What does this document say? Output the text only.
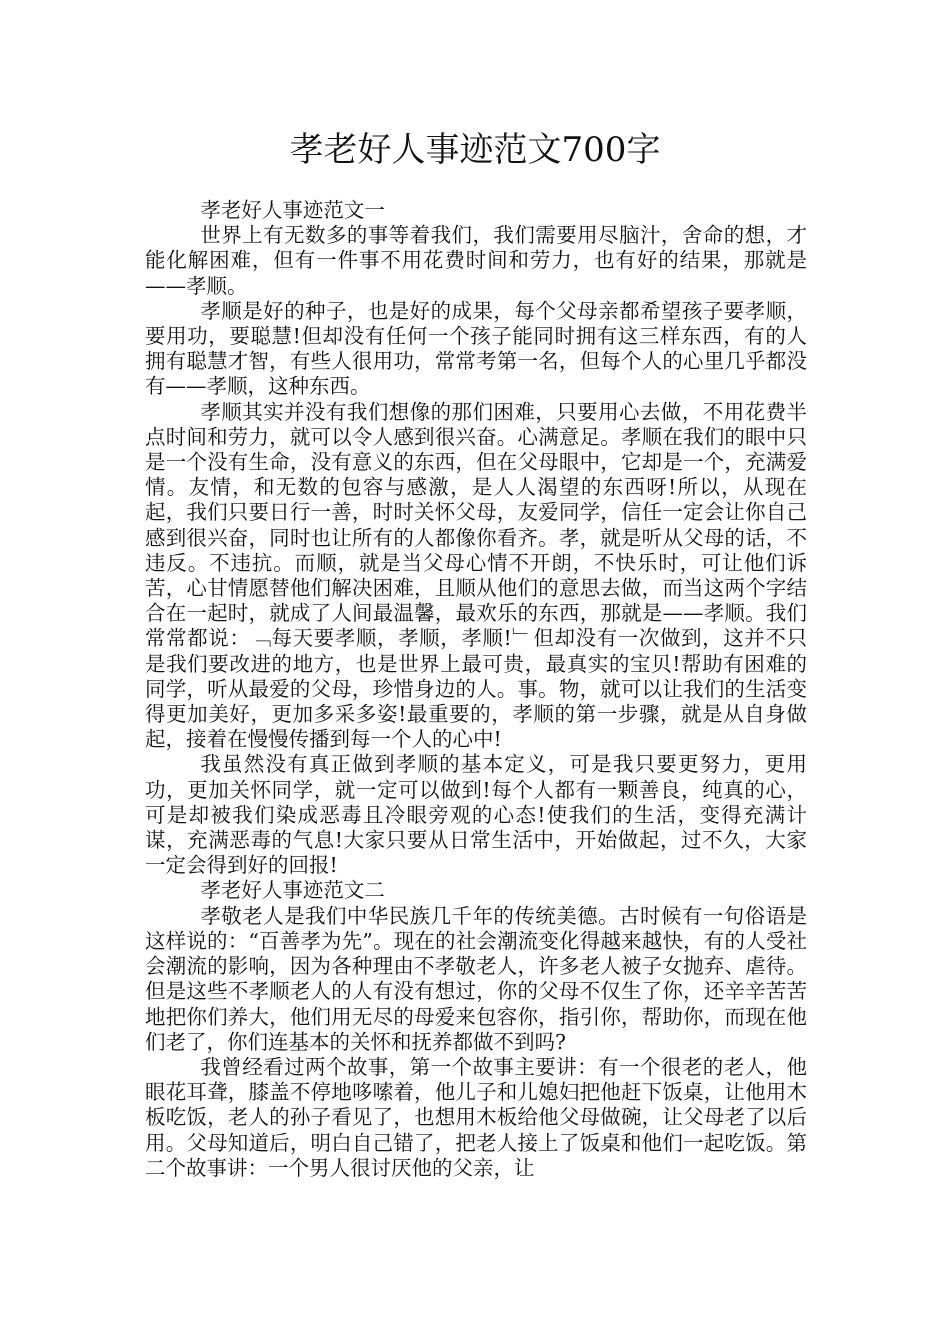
孝老好人事迹范文700字

孝老好人事迹范文一

世界上有无数多的事等着我们，我们需要用尽脑汁，舍命的想，才能化解困难，但有一件事不用花费时间和劳力，也有好的结果，那就是——孝顺。

孝顺是好的种子，也是好的成果，每个父母亲都希望孩子要孝顺，要用功，要聪慧!但却没有任何一个孩子能同时拥有这三样东西，有的人拥有聪慧才智，有些人很用功，常常考第一名，但每个人的心里几乎都没有——孝顺，这种东西。

孝顺其实并没有我们想像的那们困难，只要用心去做，不用花费半点时间和劳力，就可以令人感到很兴奋。心满意足。孝顺在我们的眼中只是一个没有生命，没有意义的东西，但在父母眼中，它却是一个，充满爱情。友情，和无数的包容与感激，是人人渴望的东西呀!所以，从现在起，我们只要日行一善，时时关怀父母，友爱同学，信任一定会让你自己感到很兴奋，同时也让所有的人都像你看齐。孝，就是听从父母的话，不违反。不违抗。而顺，就是当父母心情不开朗，不快乐时，可让他们诉苦，心甘情愿替他们解决困难，且顺从他们的意思去做，而当这两个字结合在一起时，就成了人间最温馨，最欢乐的东西，那就是——孝顺。我们常常都说：﹁每天要孝顺，孝顺，孝顺!﹂但却没有一次做到，这并不只是我们要改进的地方，也是世界上最可贵，最真实的宝贝!帮助有困难的同学，听从最爱的父母，珍惜身边的人。事。物，就可以让我们的生活变得更加美好，更加多采多姿!最重要的，孝顺的第一步骤，就是从自身做起，接着在慢慢传播到每一个人的心中!

我虽然没有真正做到孝顺的基本定义，可是我只要更努力，更用功，更加关怀同学，就一定可以做到!每个人都有一颗善良，纯真的心，可是却被我们染成恶毒且冷眼旁观的心态!使我们的生活，变得充满计谋，充满恶毒的气息!大家只要从日常生活中，开始做起，过不久，大家一定会得到好的回报!

孝老好人事迹范文二

孝敬老人是我们中华民族几千年的传统美德。古时候有一句俗语是这样说的：“百善孝为先”。现在的社会潮流变化得越来越快，有的人受社会潮流的影响，因为各种理由不孝敬老人，许多老人被子女抛弃、虐待。但是这些不孝顺老人的人有没有想过，你的父母不仅生了你，还辛辛苦苦地把你们养大，他们用无尽的母爱来包容你，指引你，帮助你，而现在他们老了，你们连基本的关怀和抚养都做不到吗?

我曾经看过两个故事，第一个故事主要讲：有一个很老的老人，他眼花耳聋，膝盖不停地哆嗦着，他儿子和儿媳妇把他赶下饭桌，让他用木板吃饭，老人的孙子看见了，也想用木板给他父母做碗，让父母老了以后用。父母知道后，明白自己错了，把老人接上了饭桌和他们一起吃饭。第二个故事讲：一个男人很讨厌他的父亲，让
